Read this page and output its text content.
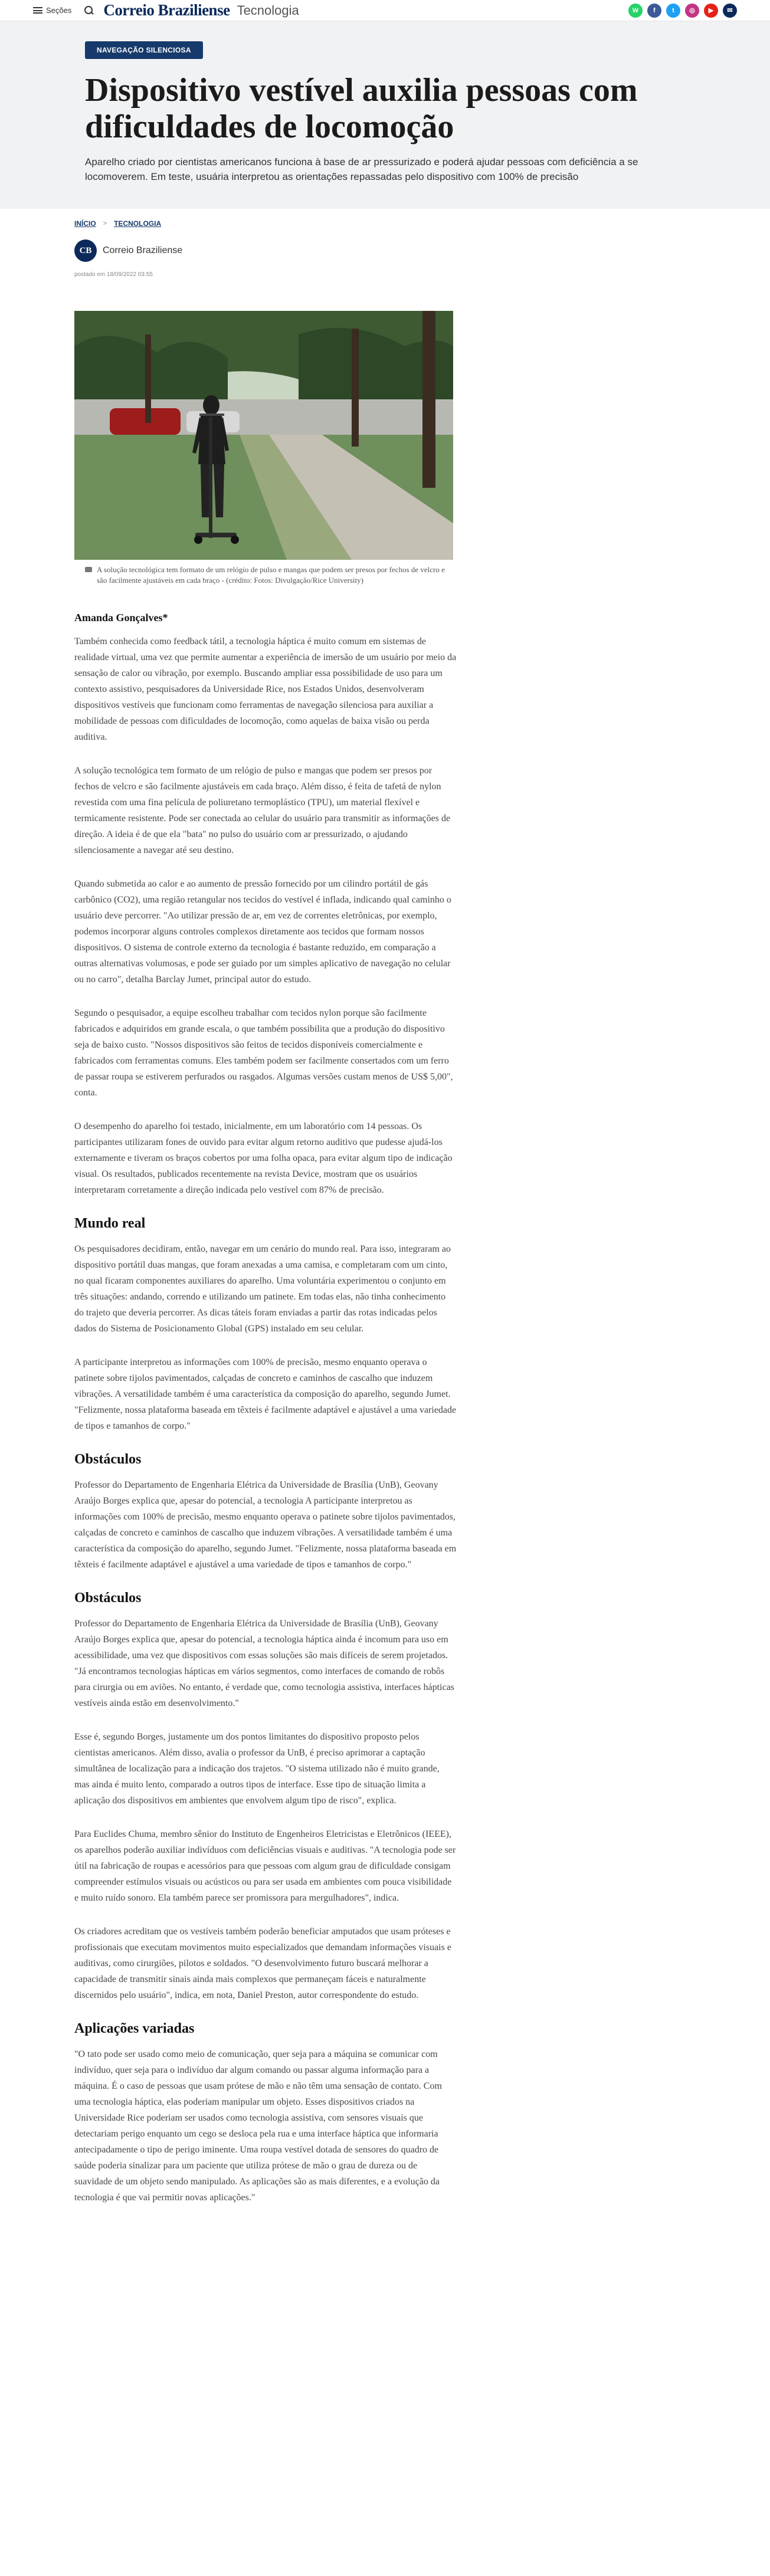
Seções Correio Braziliense Tecnologia	W	f	t	◎	▶	✉
NAVEGAÇÃO SILENCIOSA
Dispositivo vestível auxilia pessoas com dificuldades de locomoção

Aparelho criado por cientistas americanos funciona à base de ar pressurizado e poderá ajudar pessoas com deficiência a se locomoverem. Em teste, usuária interpretou as orientações repassadas pelo dispositivo com 100% de precisão

INÍCIO > TECNOLOGIA
CB	Correio Braziliense
postado em 18/09/2022 03:55
A solução tecnológica tem formato de um relógio de pulso e mangas que podem ser presos por fechos de velcro e são facilmente ajustáveis em cada braço - (crédito: Fotos: Divulgação/Rice University)
Amanda Gonçalves*

Também conhecida como feedback tátil, a tecnologia háptica é muito comum em sistemas de realidade virtual, uma vez que permite aumentar a experiência de imersão de um usuário por meio da sensação de calor ou vibração, por exemplo. Buscando ampliar essa possibilidade de uso para um contexto assistivo, pesquisadores da Universidade Rice, nos Estados Unidos, desenvolveram dispositivos vestíveis que funcionam como ferramentas de navegação silenciosa para auxiliar a mobilidade de pessoas com dificuldades de locomoção, como aquelas de baixa visão ou perda auditiva.

A solução tecnológica tem formato de um relógio de pulso e mangas que podem ser presos por fechos de velcro e são facilmente ajustáveis em cada braço. Além disso, é feita de tafetá de nylon revestida com uma fina película de poliuretano termoplástico (TPU), um material flexível e termicamente resistente. Pode ser conectada ao celular do usuário para transmitir as informações de direção. A ideia é de que ela "bata" no pulso do usuário com ar pressurizado, o ajudando silenciosamente a navegar até seu destino.

Quando submetida ao calor e ao aumento de pressão fornecido por um cilindro portátil de gás carbônico (CO2), uma região retangular nos tecidos do vestível é inflada, indicando qual caminho o usuário deve percorrer. "Ao utilizar pressão de ar, em vez de correntes eletrônicas, por exemplo, podemos incorporar alguns controles complexos diretamente aos tecidos que formam nossos dispositivos. O sistema de controle externo da tecnologia é bastante reduzido, em comparação a outras alternativas volumosas, e pode ser guiado por um simples aplicativo de navegação no celular ou no carro", detalha Barclay Jumet, principal autor do estudo.

Segundo o pesquisador, a equipe escolheu trabalhar com tecidos nylon porque são facilmente fabricados e adquiridos em grande escala, o que também possibilita que a produção do dispositivo seja de baixo custo. "Nossos dispositivos são feitos de tecidos disponíveis comercialmente e fabricados com ferramentas comuns. Eles também podem ser facilmente consertados com um ferro de passar roupa se estiverem perfurados ou rasgados. Algumas versões custam menos de US$ 5,00", conta.

O desempenho do aparelho foi testado, inicialmente, em um laboratório com 14 pessoas. Os participantes utilizaram fones de ouvido para evitar algum retorno auditivo que pudesse ajudá-los externamente e tiveram os braços cobertos por uma folha opaca, para evitar algum tipo de indicação visual. Os resultados, publicados recentemente na revista Device, mostram que os usuários interpretaram corretamente a direção indicada pelo vestível com 87% de precisão.

Mundo real

Os pesquisadores decidiram, então, navegar em um cenário do mundo real. Para isso, integraram ao dispositivo portátil duas mangas, que foram anexadas a uma camisa, e completaram com um cinto, no qual ficaram componentes auxiliares do aparelho. Uma voluntária experimentou o conjunto em três situações: andando, correndo e utilizando um patinete. Em todas elas, não tinha conhecimento do trajeto que deveria percorrer. As dicas táteis foram enviadas a partir das rotas indicadas pelos dados do Sistema de Posicionamento Global (GPS) instalado em seu celular.

A participante interpretou as informações com 100% de precisão, mesmo enquanto operava o patinete sobre tijolos pavimentados, calçadas de concreto e caminhos de cascalho que induzem vibrações. A versatilidade também é uma característica da composição do aparelho, segundo Jumet. "Felizmente, nossa plataforma baseada em têxteis é facilmente adaptável e ajustável a uma variedade de tipos e tamanhos de corpo."

Obstáculos

Professor do Departamento de Engenharia Elétrica da Universidade de Brasília (UnB), Geovany Araújo Borges explica que, apesar do potencial, a tecnologia A participante interpretou as informações com 100% de precisão, mesmo enquanto operava o patinete sobre tijolos pavimentados, calçadas de concreto e caminhos de cascalho que induzem vibrações. A versatilidade também é uma característica da composição do aparelho, segundo Jumet. "Felizmente, nossa plataforma baseada em têxteis é facilmente adaptável e ajustável a uma variedade de tipos e tamanhos de corpo."

Obstáculos

Professor do Departamento de Engenharia Elétrica da Universidade de Brasília (UnB), Geovany Araújo Borges explica que, apesar do potencial, a tecnologia háptica ainda é incomum para uso em acessibilidade, uma vez que dispositivos com essas soluções são mais difíceis de serem projetados. "Já encontramos tecnologias hápticas em vários segmentos, como interfaces de comando de robôs para cirurgia ou em aviões. No entanto, é verdade que, como tecnologia assistiva, interfaces hápticas vestíveis ainda estão em desenvolvimento."

Esse é, segundo Borges, justamente um dos pontos limitantes do dispositivo proposto pelos cientistas americanos. Além disso, avalia o professor da UnB, é preciso aprimorar a captação simultânea de localização para a indicação dos trajetos. "O sistema utilizado não é muito grande, mas ainda é muito lento, comparado a outros tipos de interface. Esse tipo de situação limita a aplicação dos dispositivos em ambientes que envolvem algum tipo de risco", explica.

Para Euclides Chuma, membro sênior do Instituto de Engenheiros Eletricistas e Eletrônicos (IEEE), os aparelhos poderão auxiliar indivíduos com deficiências visuais e auditivas. "A tecnologia pode ser útil na fabricação de roupas e acessórios para que pessoas com algum grau de dificuldade consigam compreender estímulos visuais ou acústicos ou para ser usada em ambientes com pouca visibilidade e muito ruído sonoro. Ela também parece ser promissora para mergulhadores", indica.

Os criadores acreditam que os vestíveis também poderão beneficiar amputados que usam próteses e profissionais que executam movimentos muito especializados que demandam informações visuais e auditivas, como cirurgiões, pilotos e soldados. "O desenvolvimento futuro buscará melhorar a capacidade de transmitir sinais ainda mais complexos que permaneçam fáceis e naturalmente discernidos pelo usuário", indica, em nota, Daniel Preston, autor correspondente do estudo.

Aplicações variadas

"O tato pode ser usado como meio de comunicação, quer seja para a máquina se comunicar com indivíduo, quer seja para o indivíduo dar algum comando ou passar alguma informação para a máquina. É o caso de pessoas que usam prótese de mão e não têm uma sensação de contato. Com uma tecnologia háptica, elas poderiam manipular um objeto. Esses dispositivos criados na Universidade Rice poderiam ser usados como tecnologia assistiva, com sensores visuais que detectariam perigo enquanto um cego se desloca pela rua e uma interface háptica que informaria antecipadamente o tipo de perigo iminente. Uma roupa vestível dotada de sensores do quadro de saúde poderia sinalizar para um paciente que utiliza prótese de mão o grau de dureza ou de suavidade de um objeto sendo manipulado. As aplicações são as mais diferentes, e a evolução da tecnologia é que vai permitir novas aplicações."
